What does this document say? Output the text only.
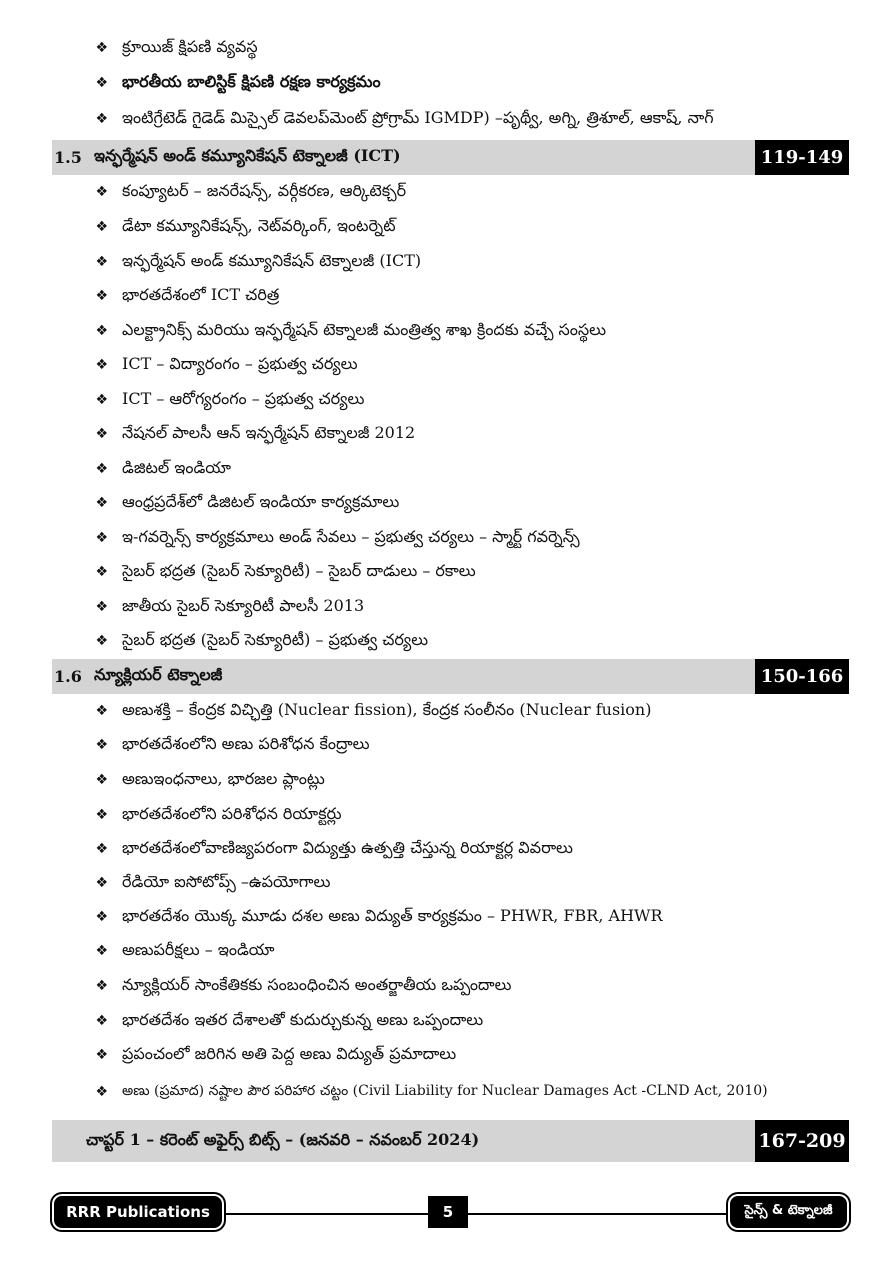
❖ క్రూయిజ్ క్షిపణి వ్యవస్థ
❖ భారతీయ బాలిస్టిక్ క్షిపణి రక్షణ కార్యక్రమం
❖ ఇంటిగ్రేటెడ్ గైడెడ్ మిస్సైల్ డెవలప్‌మెంట్ ప్రోగ్రామ్ IGMDP) –పృథ్వీ, అగ్ని, త్రిశూల్, ఆకాష్, నాగ్
1.5 ఇన్ఫర్మేషన్ అండ్ కమ్యూనికేషన్ టెక్నాలజీ (ICT)	119-149
❖ కంప్యూటర్ – జనరేషన్స్, వర్గీకరణ, ఆర్కిటెక్చర్
❖ డేటా కమ్యూనికేషన్స్, నెట్‌వర్కింగ్, ఇంటర్నెట్
❖ ఇన్ఫర్మేషన్ అండ్ కమ్యూనికేషన్ టెక్నాలజీ (ICT)
❖ భారతదేశంలో ICT చరిత్ర
❖ ఎలక్ట్రానిక్స్ మరియు ఇన్ఫర్మేషన్ టెక్నాలజీ మంత్రిత్వ శాఖ క్రిందకు వచ్చే సంస్థలు
❖ ICT – విద్యారంగం – ప్రభుత్వ చర్యలు
❖ ICT – ఆరోగ్యరంగం – ప్రభుత్వ చర్యలు
❖ నేషనల్ పాలసీ ఆన్ ఇన్ఫర్మేషన్ టెక్నాలజీ 2012
❖ డిజిటల్ ఇండియా
❖ ఆంధ్రప్రదేశ్‌లో డిజిటల్ ఇండియా కార్యక్రమాలు
❖ ఇ-గవర్నెన్స్ కార్యక్రమాలు అండ్ సేవలు – ప్రభుత్వ చర్యలు – స్మార్ట్ గవర్నెన్స్
❖ సైబర్ భద్రత (సైబర్ సెక్యూరిటీ) – సైబర్ దాడులు – రకాలు
❖ జాతీయ సైబర్ సెక్యూరిటీ పాలసీ 2013
❖ సైబర్ భద్రత (సైబర్ సెక్యూరిటీ) – ప్రభుత్వ చర్యలు
1.6 న్యూక్లియర్ టెక్నాలజీ	150-166
❖ అణుశక్తి – కేంద్రక విచ్ఛిత్తి (Nuclear fission), కేంద్రక సంలీనం (Nuclear fusion)
❖ భారతదేశంలోని అణు పరిశోధన కేంద్రాలు
❖ అణుఇంధనాలు, భారజల ప్లాంట్లు
❖ భారతదేశంలోని పరిశోధన రియాక్టర్లు
❖ భారతదేశంలోవాణిజ్యపరంగా విద్యుత్తు ఉత్పత్తి చేస్తున్న రియాక్టర్ల వివరాలు
❖ రేడియో ఐసోటోప్స్ –ఉపయోగాలు
❖ భారతదేశం యొక్క మూడు దశల అణు విద్యుత్ కార్యక్రమం – PHWR, FBR, AHWR
❖ అణుపరీక్షలు – ఇండియా
❖ న్యూక్లియర్ సాంకేతికకు సంబంధించిన అంతర్జాతీయ ఒప్పందాలు
❖ భారతదేశం ఇతర దేశాలతో కుదుర్చుకున్న అణు ఒప్పందాలు
❖ ప్రపంచంలో జరిగిన అతి పెద్ద అణు విద్యుత్ ప్రమాదాలు
❖	అణు (ప్రమాద) నష్టాల పౌర పరిహార చట్టం (Civil Liability for Nuclear Damages Act -CLND Act, 2010)
చాప్టర్ 1 – కరెంట్ అఫైర్స్ బిట్స్ – (జనవరి – నవంబర్ 2024)	167-209
RRR Publications	5	సైన్స్ & టెక్నాలజీ
